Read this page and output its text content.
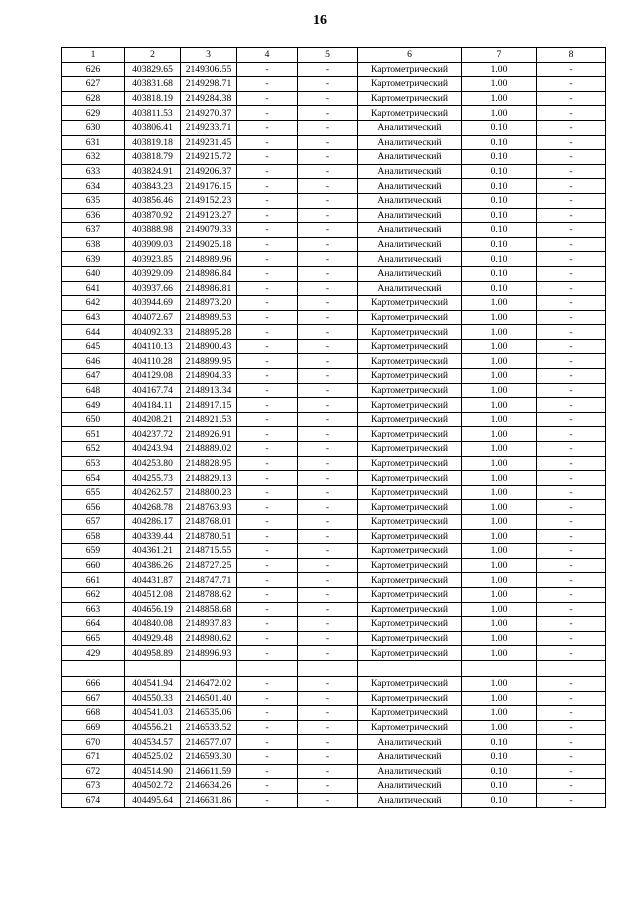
16
1	2	3	4	5	6	7	8
626	403829.65	2149306.55	-	-	Картометрический	1.00	-
627	403831.68	2149298.71	-	-	Картометрический	1.00	-
628	403818.19	2149284.38	-	-	Картометрический	1.00	-
629	403811.53	2149270.37	-	-	Картометрический	1.00	-
630	403806.41	2149233.71	-	-	Аналитический	0.10	-
631	403819.18	2149231.45	-	-	Аналитический	0.10	-
632	403818.79	2149215.72	-	-	Аналитический	0.10	-
633	403824.91	2149206.37	-	-	Аналитический	0.10	-
634	403843.23	2149176.15	-	-	Аналитический	0.10	-
635	403856.46	2149152.23	-	-	Аналитический	0.10	-
636	403870.92	2149123.27	-	-	Аналитический	0.10	-
637	403888.98	2149079.33	-	-	Аналитический	0.10	-
638	403909.03	2149025.18	-	-	Аналитический	0.10	-
639	403923.85	2148989.96	-	-	Аналитический	0.10	-
640	403929.09	2148986.84	-	-	Аналитический	0.10	-
641	403937.66	2148986.81	-	-	Аналитический	0.10	-
642	403944.69	2148973.20	-	-	Картометрический	1.00	-
643	404072.67	2148989.53	-	-	Картометрический	1.00	-
644	404092.33	2148895.28	-	-	Картометрический	1.00	-
645	404110.13	2148900.43	-	-	Картометрический	1.00	-
646	404110.28	2148899.95	-	-	Картометрический	1.00	-
647	404129.08	2148904.33	-	-	Картометрический	1.00	-
648	404167.74	2148913.34	-	-	Картометрический	1.00	-
649	404184.11	2148917.15	-	-	Картометрический	1.00	-
650	404208.21	2148921.53	-	-	Картометрический	1.00	-
651	404237.72	2148926.91	-	-	Картометрический	1.00	-
652	404243.94	2148889.02	-	-	Картометрический	1.00	-
653	404253.80	2148828.95	-	-	Картометрический	1.00	-
654	404255.73	2148829.13	-	-	Картометрический	1.00	-
655	404262.57	2148800.23	-	-	Картометрический	1.00	-
656	404268.78	2148763.93	-	-	Картометрический	1.00	-
657	404286.17	2148768.01	-	-	Картометрический	1.00	-
658	404339.44	2148780.51	-	-	Картометрический	1.00	-
659	404361.21	2148715.55	-	-	Картометрический	1.00	-
660	404386.26	2148727.25	-	-	Картометрический	1.00	-
661	404431.87	2148747.71	-	-	Картометрический	1.00	-
662	404512.08	2148788.62	-	-	Картометрический	1.00	-
663	404656.19	2148858.68	-	-	Картометрический	1.00	-
664	404840.08	2148937.83	-	-	Картометрический	1.00	-
665	404929.48	2148980.62	-	-	Картометрический	1.00	-
429	404958.89	2148996.93	-	-	Картометрический	1.00	-

666	404541.94	2146472.02	-	-	Картометрический	1.00	-
667	404550.33	2146501.40	-	-	Картометрический	1.00	-
668	404541.03	2146535.06	-	-	Картометрический	1.00	-
669	404556.21	2146533.52	-	-	Картометрический	1.00	-
670	404534.57	2146577.07	-	-	Аналитический	0.10	-
671	404525.02	2146593.30	-	-	Аналитический	0.10	-
672	404514.90	2146611.59	-	-	Аналитический	0.10	-
673	404502.72	2146634.26	-	-	Аналитический	0.10	-
674	404495.64	2146631.86	-	-	Аналитический	0.10	-
